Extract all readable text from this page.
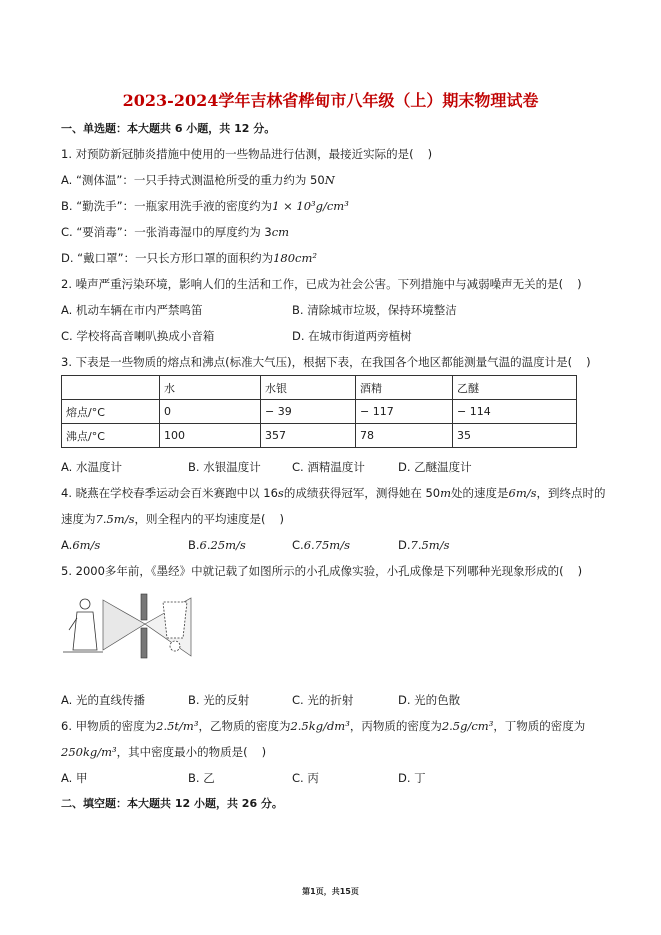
2023-2024学年吉林省桦甸市八年级（上）期末物理试卷
一、单选题：本大题共 6 小题，共 12 分。
1. 对预防新冠肺炎措施中使用的一些物品进行估测，最接近实际的是( )
A. “测体温”：一只手持式测温枪所受的重力约为 50N
B. “勤洗手”：一瓶家用洗手液的密度约为1 × 10³g/cm³
C. “要消毒”：一张消毒湿巾的厚度约为 3cm
D. “戴口罩”：一只长方形口罩的面积约为180cm²
2. 噪声严重污染环境，影响人们的生活和工作，已成为社会公害。下列措施中与减弱噪声无关的是( )
A. 机动车辆在市内严禁鸣笛	B. 清除城市垃圾，保持环境整洁
C. 学校将高音喇叭换成小音箱	D. 在城市街道两旁植树
3. 下表是一些物质的熔点和沸点(标准大气压)，根据下表，在我国各个地区都能测量气温的温度计是( )
	水	水银	酒精	乙醚
熔点/°C	0	− 39	− 117	− 114
沸点/°C	100	357	78	35
A. 水温度计	B. 水银温度计	C. 酒精温度计	D. 乙醚温度计
4. 晓燕在学校春季运动会百米赛跑中以 16s的成绩获得冠军，测得她在 50m处的速度是6m/s，到终点时的
速度为7.5m/s，则全程内的平均速度是( )
A.6m/s	B.6.25m/s	C.6.75m/s	D.7.5m/s
5. 2000多年前，《墨经》中就记载了如图所示的小孔成像实验，小孔成像是下列哪种光现象形成的( )
A. 光的直线传播	B. 光的反射	C. 光的折射	D. 光的色散
6. 甲物质的密度为2.5t/m³，乙物质的密度为2.5kg/dm³，丙物质的密度为2.5g/cm³，丁物质的密度为
250kg/m³，其中密度最小的物质是( )
A. 甲	B. 乙	C. 丙	D. 丁
二、填空题：本大题共 12 小题，共 26 分。
第1页，共15页
